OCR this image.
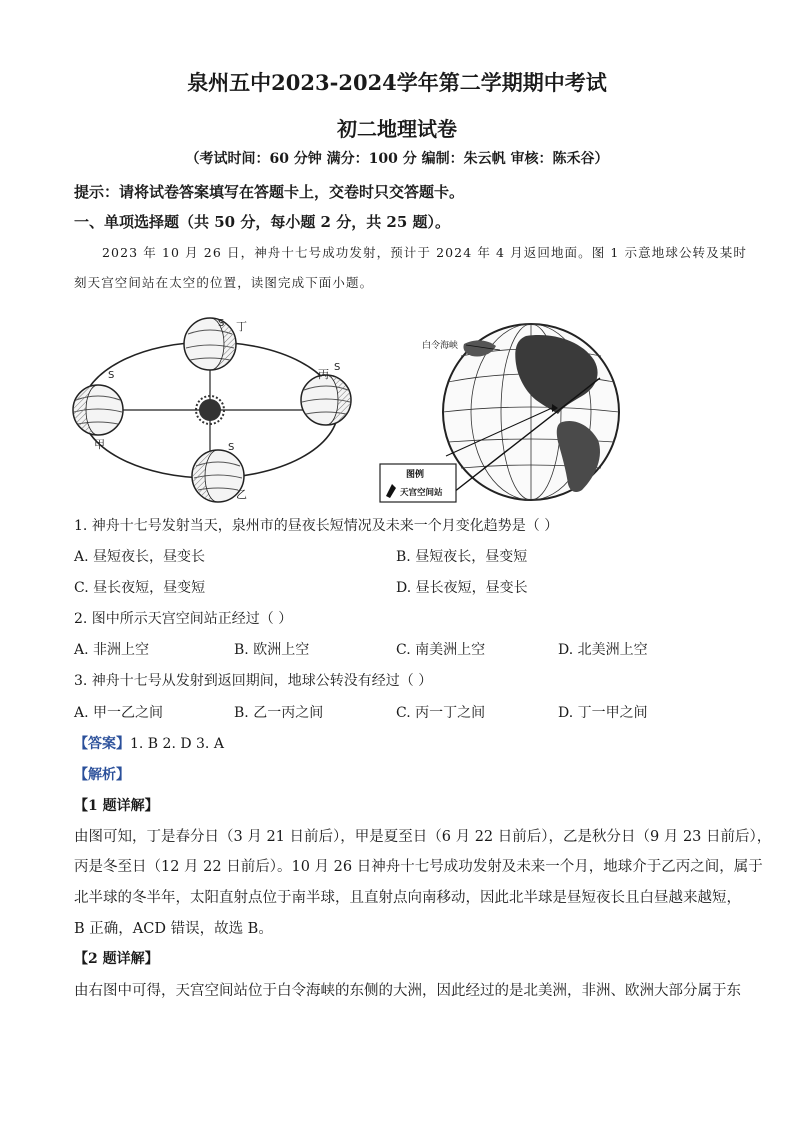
泉州五中2023-2024学年第二学期期中考试
初二地理试卷
（考试时间：60 分钟 满分：100 分 编制：朱云帆 审核：陈禾谷）
提示：请将试卷答案填写在答题卡上，交卷时只交答题卡。
一、单项选择题（共 50 分，每小题 2 分，共 25 题）。
2023 年 10 月 26 日，神舟十七号成功发射，预计于 2024 年 4 月返回地面。图 1 示意地球公转及某时
刻天宫空间站在太空的位置，读图完成下面小题。
S
S
S
S
丁
甲
丙
乙
白令海峡
图例
天宫空间站
1. 神舟十七号发射当天，泉州市的昼夜长短情况及未来一个月变化趋势是（ ）
A. 昼短夜长，昼变长	B. 昼短夜长，昼变短
C. 昼长夜短，昼变短	D. 昼长夜短，昼变长
2. 图中所示天宫空间站正经过（ ）
A. 非洲上空	B. 欧洲上空	C. 南美洲上空	D. 北美洲上空
3. 神舟十七号从发射到返回期间，地球公转没有经过（ ）
A. 甲一乙之间	B. 乙一丙之间	C. 丙一丁之间	D. 丁一甲之间
【答案】1. B 2. D 3. A
【解析】
【1 题详解】
由图可知，丁是春分日（3 月 21 日前后），甲是夏至日（6 月 22 日前后），乙是秋分日（9 月 23 日前后），
丙是冬至日（12 月 22 日前后）。10 月 26 日神舟十七号成功发射及未来一个月，地球介于乙丙之间，属于
北半球的冬半年，太阳直射点位于南半球，且直射点向南移动，因此北半球是昼短夜长且白昼越来越短，
B 正确，ACD 错误，故选 B。
【2 题详解】
由右图中可得，天宫空间站位于白令海峡的东侧的大洲，因此经过的是北美洲，非洲、欧洲大部分属于东
